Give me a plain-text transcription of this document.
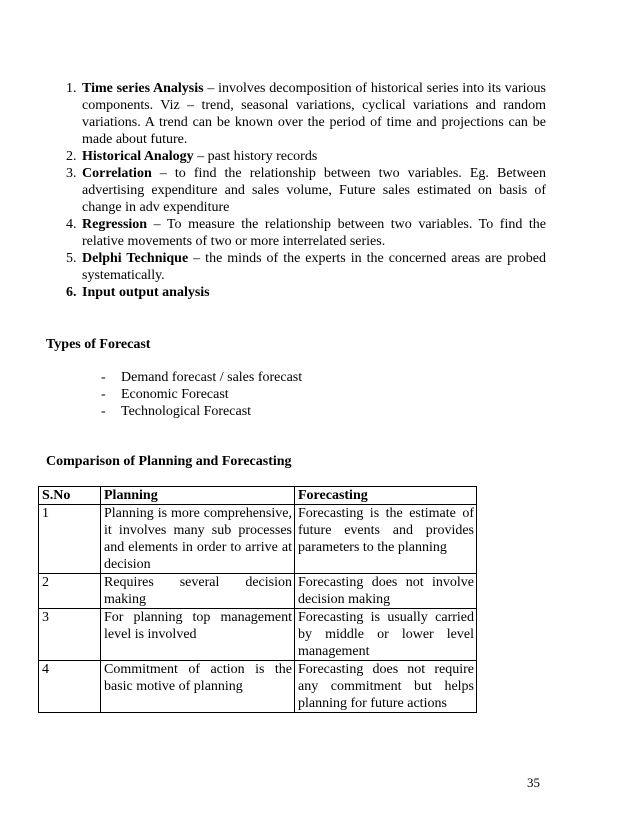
1. Time series Analysis – involves decomposition of historical series into its various components. Viz – trend, seasonal variations, cyclical variations and random variations. A trend can be known over the period of time and projections can be made about future.
2. Historical Analogy – past history records
3. Correlation – to find the relationship between two variables. Eg. Between advertising expenditure and sales volume, Future sales estimated on basis of change in adv expenditure
4. Regression – To measure the relationship between two variables. To find the relative movements of two or more interrelated series.
5. Delphi Technique – the minds of the experts in the concerned areas are probed systematically.
6. Input output analysis
Types of Forecast
- Demand forecast / sales forecast
- Economic Forecast
- Technological Forecast
Comparison of Planning and Forecasting
S.No	Planning	Forecasting
1	Planning is more comprehensive, it involves many sub processes and elements in order to arrive at decision	Forecasting is the estimate of future events and provides parameters to the planning
2	Requires several decision making	Forecasting does not involve decision making
3	For planning top management level is involved	Forecasting is usually carried by middle or lower level management
4	Commitment of action is the basic motive of planning	Forecasting does not require any commitment but helps planning for future actions
35
